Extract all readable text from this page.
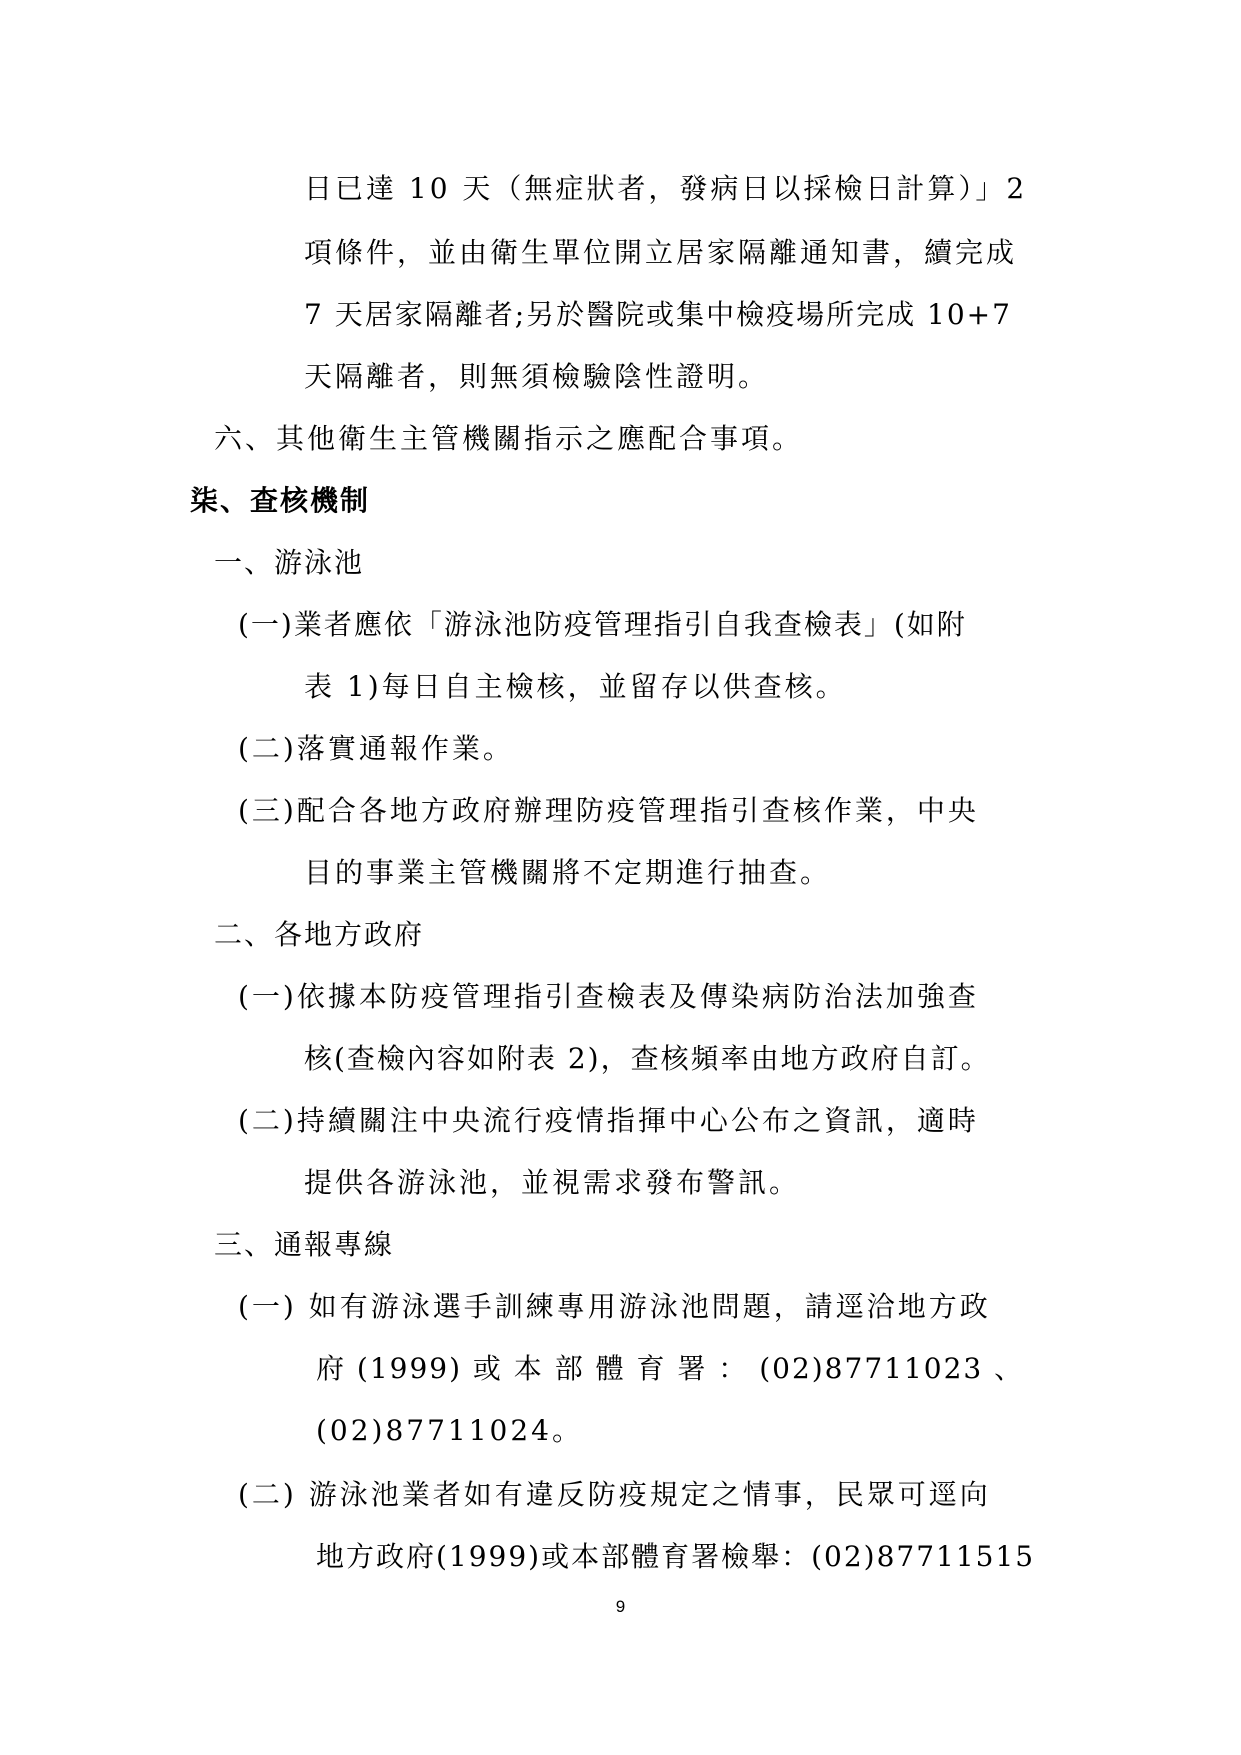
日已達 10 天（無症狀者，發病日以採檢日計算）」2
項條件，並由衛生單位開立居家隔離通知書，續完成
7 天居家隔離者;另於醫院或集中檢疫場所完成 10+7
天隔離者，則無須檢驗陰性證明。
六、其他衛生主管機關指示之應配合事項。
柒、查核機制
一、游泳池
(一)業者應依「游泳池防疫管理指引自我查檢表」(如附
表 1)每日自主檢核，並留存以供查核。
(二)落實通報作業。
(三)配合各地方政府辦理防疫管理指引查核作業，中央
目的事業主管機關將不定期進行抽查。
二、各地方政府
(一)依據本防疫管理指引查檢表及傳染病防治法加強查
核(查檢內容如附表 2)，查核頻率由地方政府自訂。
(二)持續關注中央流行疫情指揮中心公布之資訊，適時
提供各游泳池，並視需求發布警訊。
三、通報專線
(一) 如有游泳選手訓練專用游泳池問題，請逕洽地方政
府 (1999) 或 本 部 體 育 署 ： (02)87711023 、
(02)87711024。
(二) 游泳池業者如有違反防疫規定之情事，民眾可逕向
地方政府(1999)或本部體育署檢舉：(02)87711515
9
